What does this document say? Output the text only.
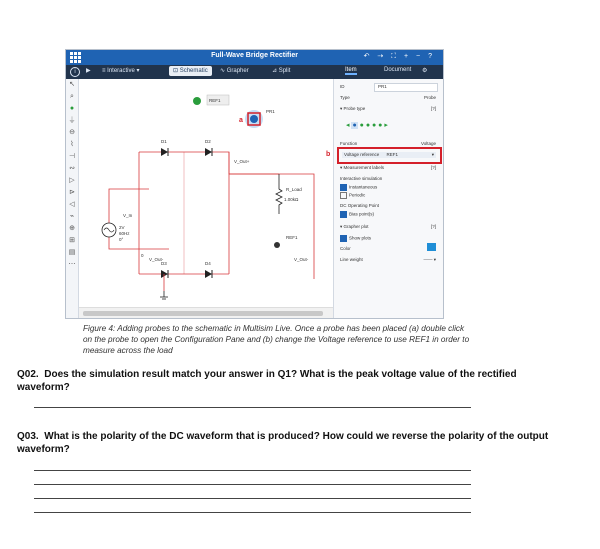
Full-Wave Bridge Rectifier	↶ ⇢ ⛶ + − ?
i	▶ ≡ Interactive ▾	⊡ Schematic	∿ Grapher	⊿ Split	Item	Document ⚙
↖
⌕
●
⏚
⊖
⌇
⊣
∾
▷
⊳
◁
⌁
⊕
⊞
▤
⋯
REF1
D1	D2
V_Out+
D3	D4
V_Out-
V_In
2V
60Hz
0°
R_Load
1.00kΩ
PR1
REF1
V_Out-
0
a
ID	PR1
Type	Probe
▾ Probe type	[?]
◂ ● ● ● ● ● ▸
Function	Voltage
Voltage reference REF1	▾
b
▾ Measurement labels	[?]
Interactive simulation
Instantaneous
Periodic
DC Operating Point
Bias point(s)
▾ Grapher plot	[?]
Show plots
Color
Line weight	―― ▾
Figure 4: Adding probes to the schematic in Multisim Live. Once a probe has been placed (a) double click on the probe to open the Configuration Pane and (b) change the Voltage reference to use REF1 in order to measure across the load
Q02. Does the simulation result match your answer in Q1? What is the peak voltage value of the rectified waveform?
Q03. What is the polarity of the DC waveform that is produced? How could we reverse the polarity of the output waveform?
